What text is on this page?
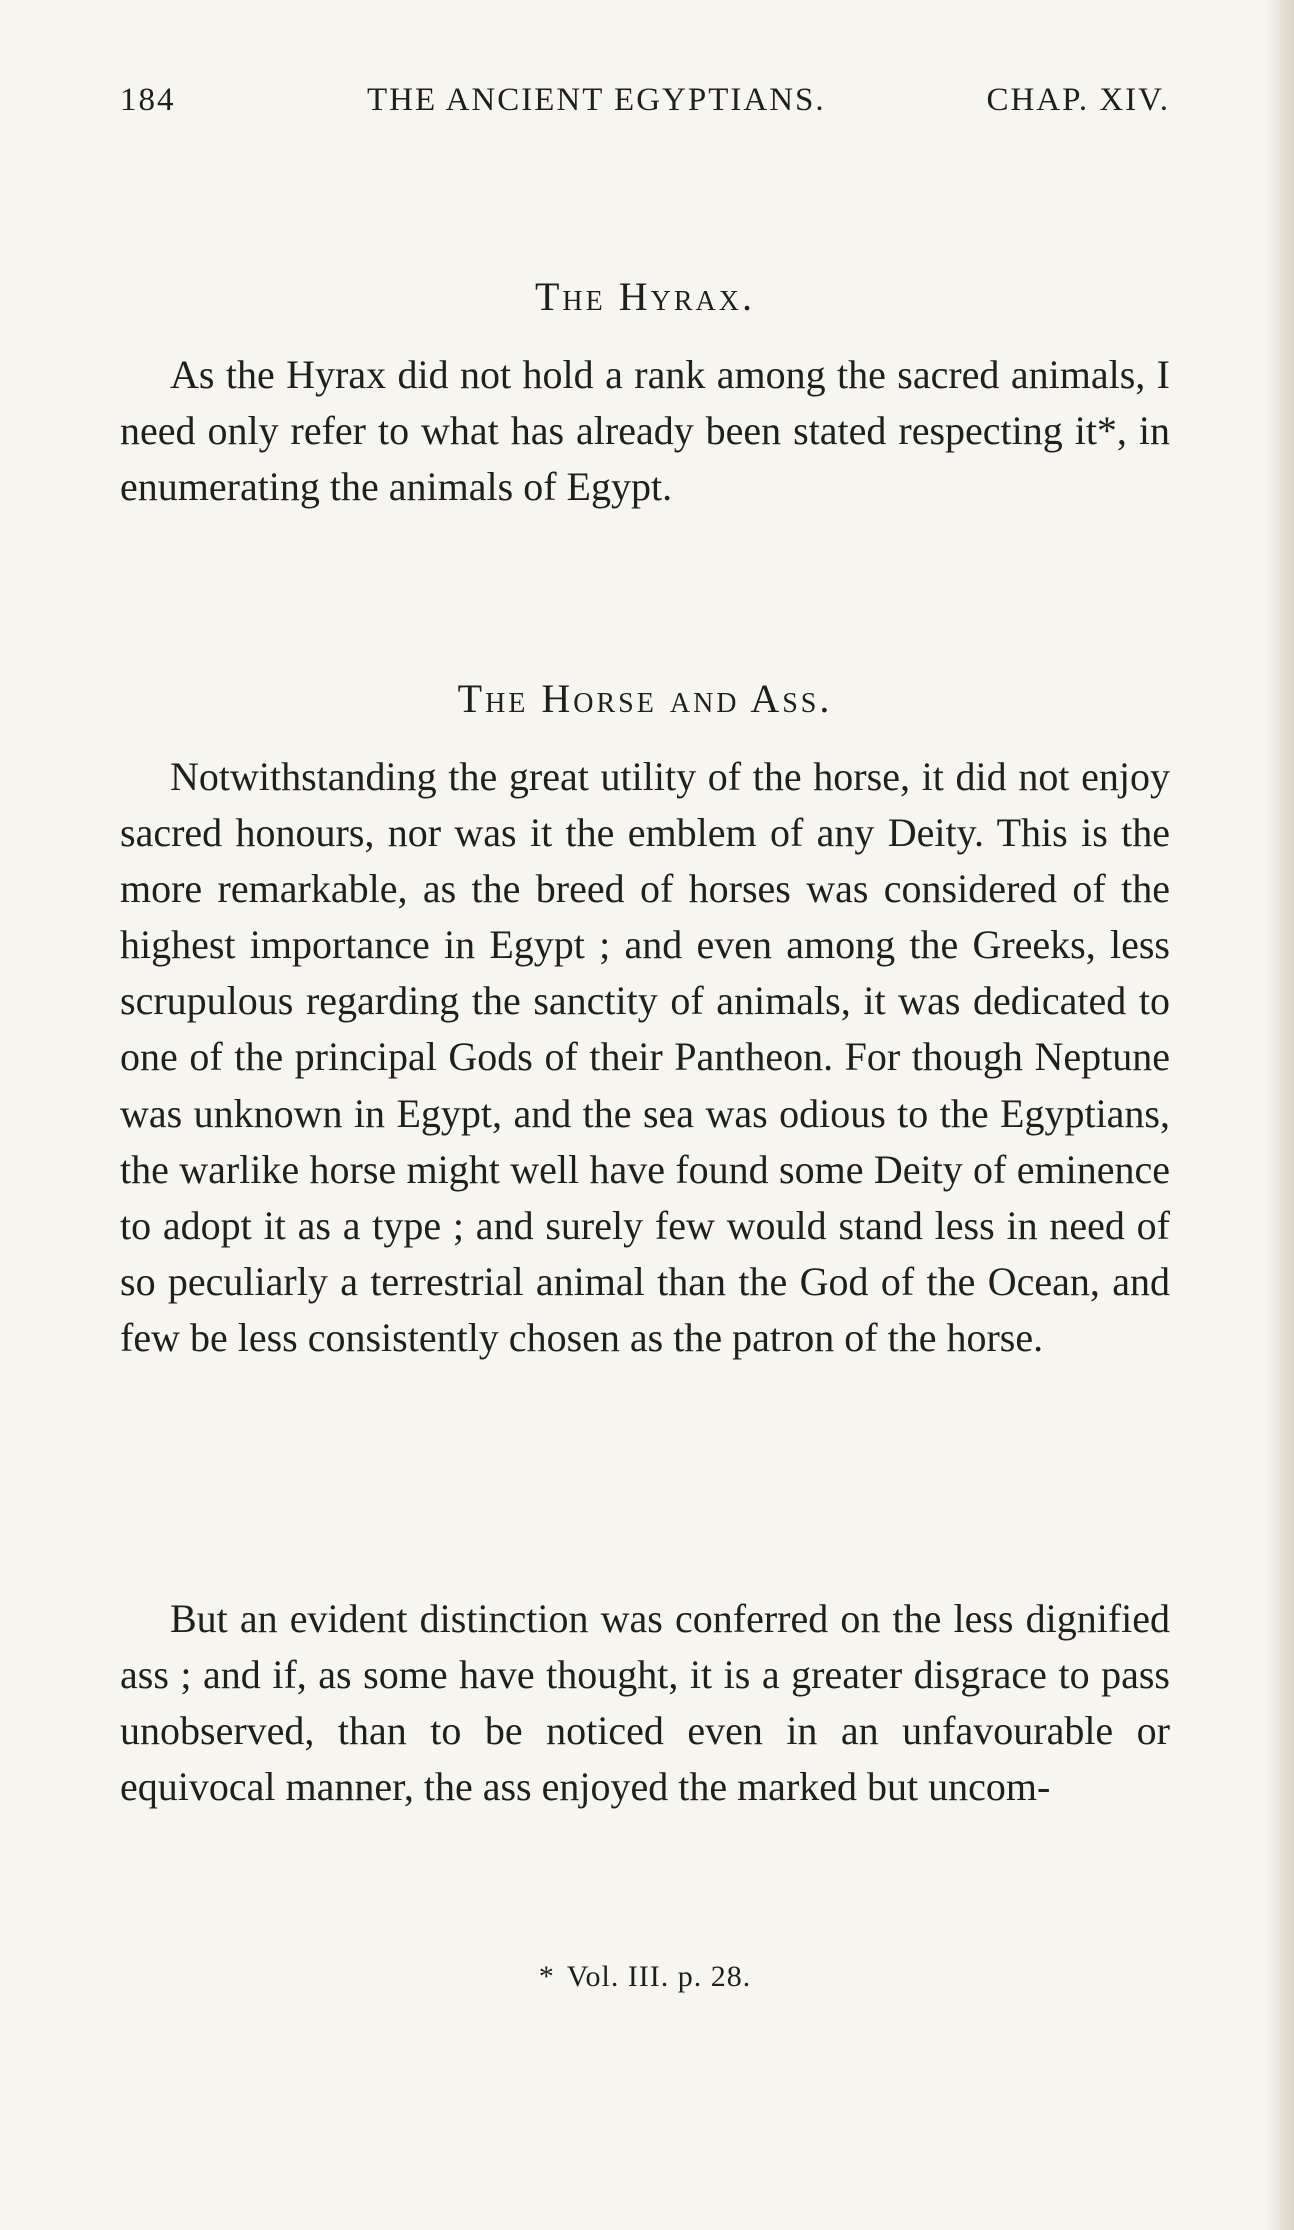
184	THE ANCIENT EGYPTIANS.	CHAP. XIV.
The Hyrax.

As the Hyrax did not hold a rank among the sacred animals, I need only refer to what has already been stated respecting it*, in enumerating the animals of Egypt.

The Horse and Ass.

Notwithstanding the great utility of the horse, it did not enjoy sacred honours, nor was it the emblem of any Deity. This is the more remarkable, as the breed of horses was considered of the highest importance in Egypt ; and even among the Greeks, less scrupulous regarding the sanctity of animals, it was dedicated to one of the principal Gods of their Pantheon. For though Neptune was unknown in Egypt, and the sea was odious to the Egyptians, the warlike horse might well have found some Deity of eminence to adopt it as a type ; and surely few would stand less in need of so peculiarly a terrestrial animal than the God of the Ocean, and few be less consistently chosen as the patron of the horse.

But an evident distinction was conferred on the less dignified ass ; and if, as some have thought, it is a greater disgrace to pass unobserved, than to be noticed even in an unfavourable or equivocal manner, the ass enjoyed the marked but uncom-

* Vol. III. p. 28.
